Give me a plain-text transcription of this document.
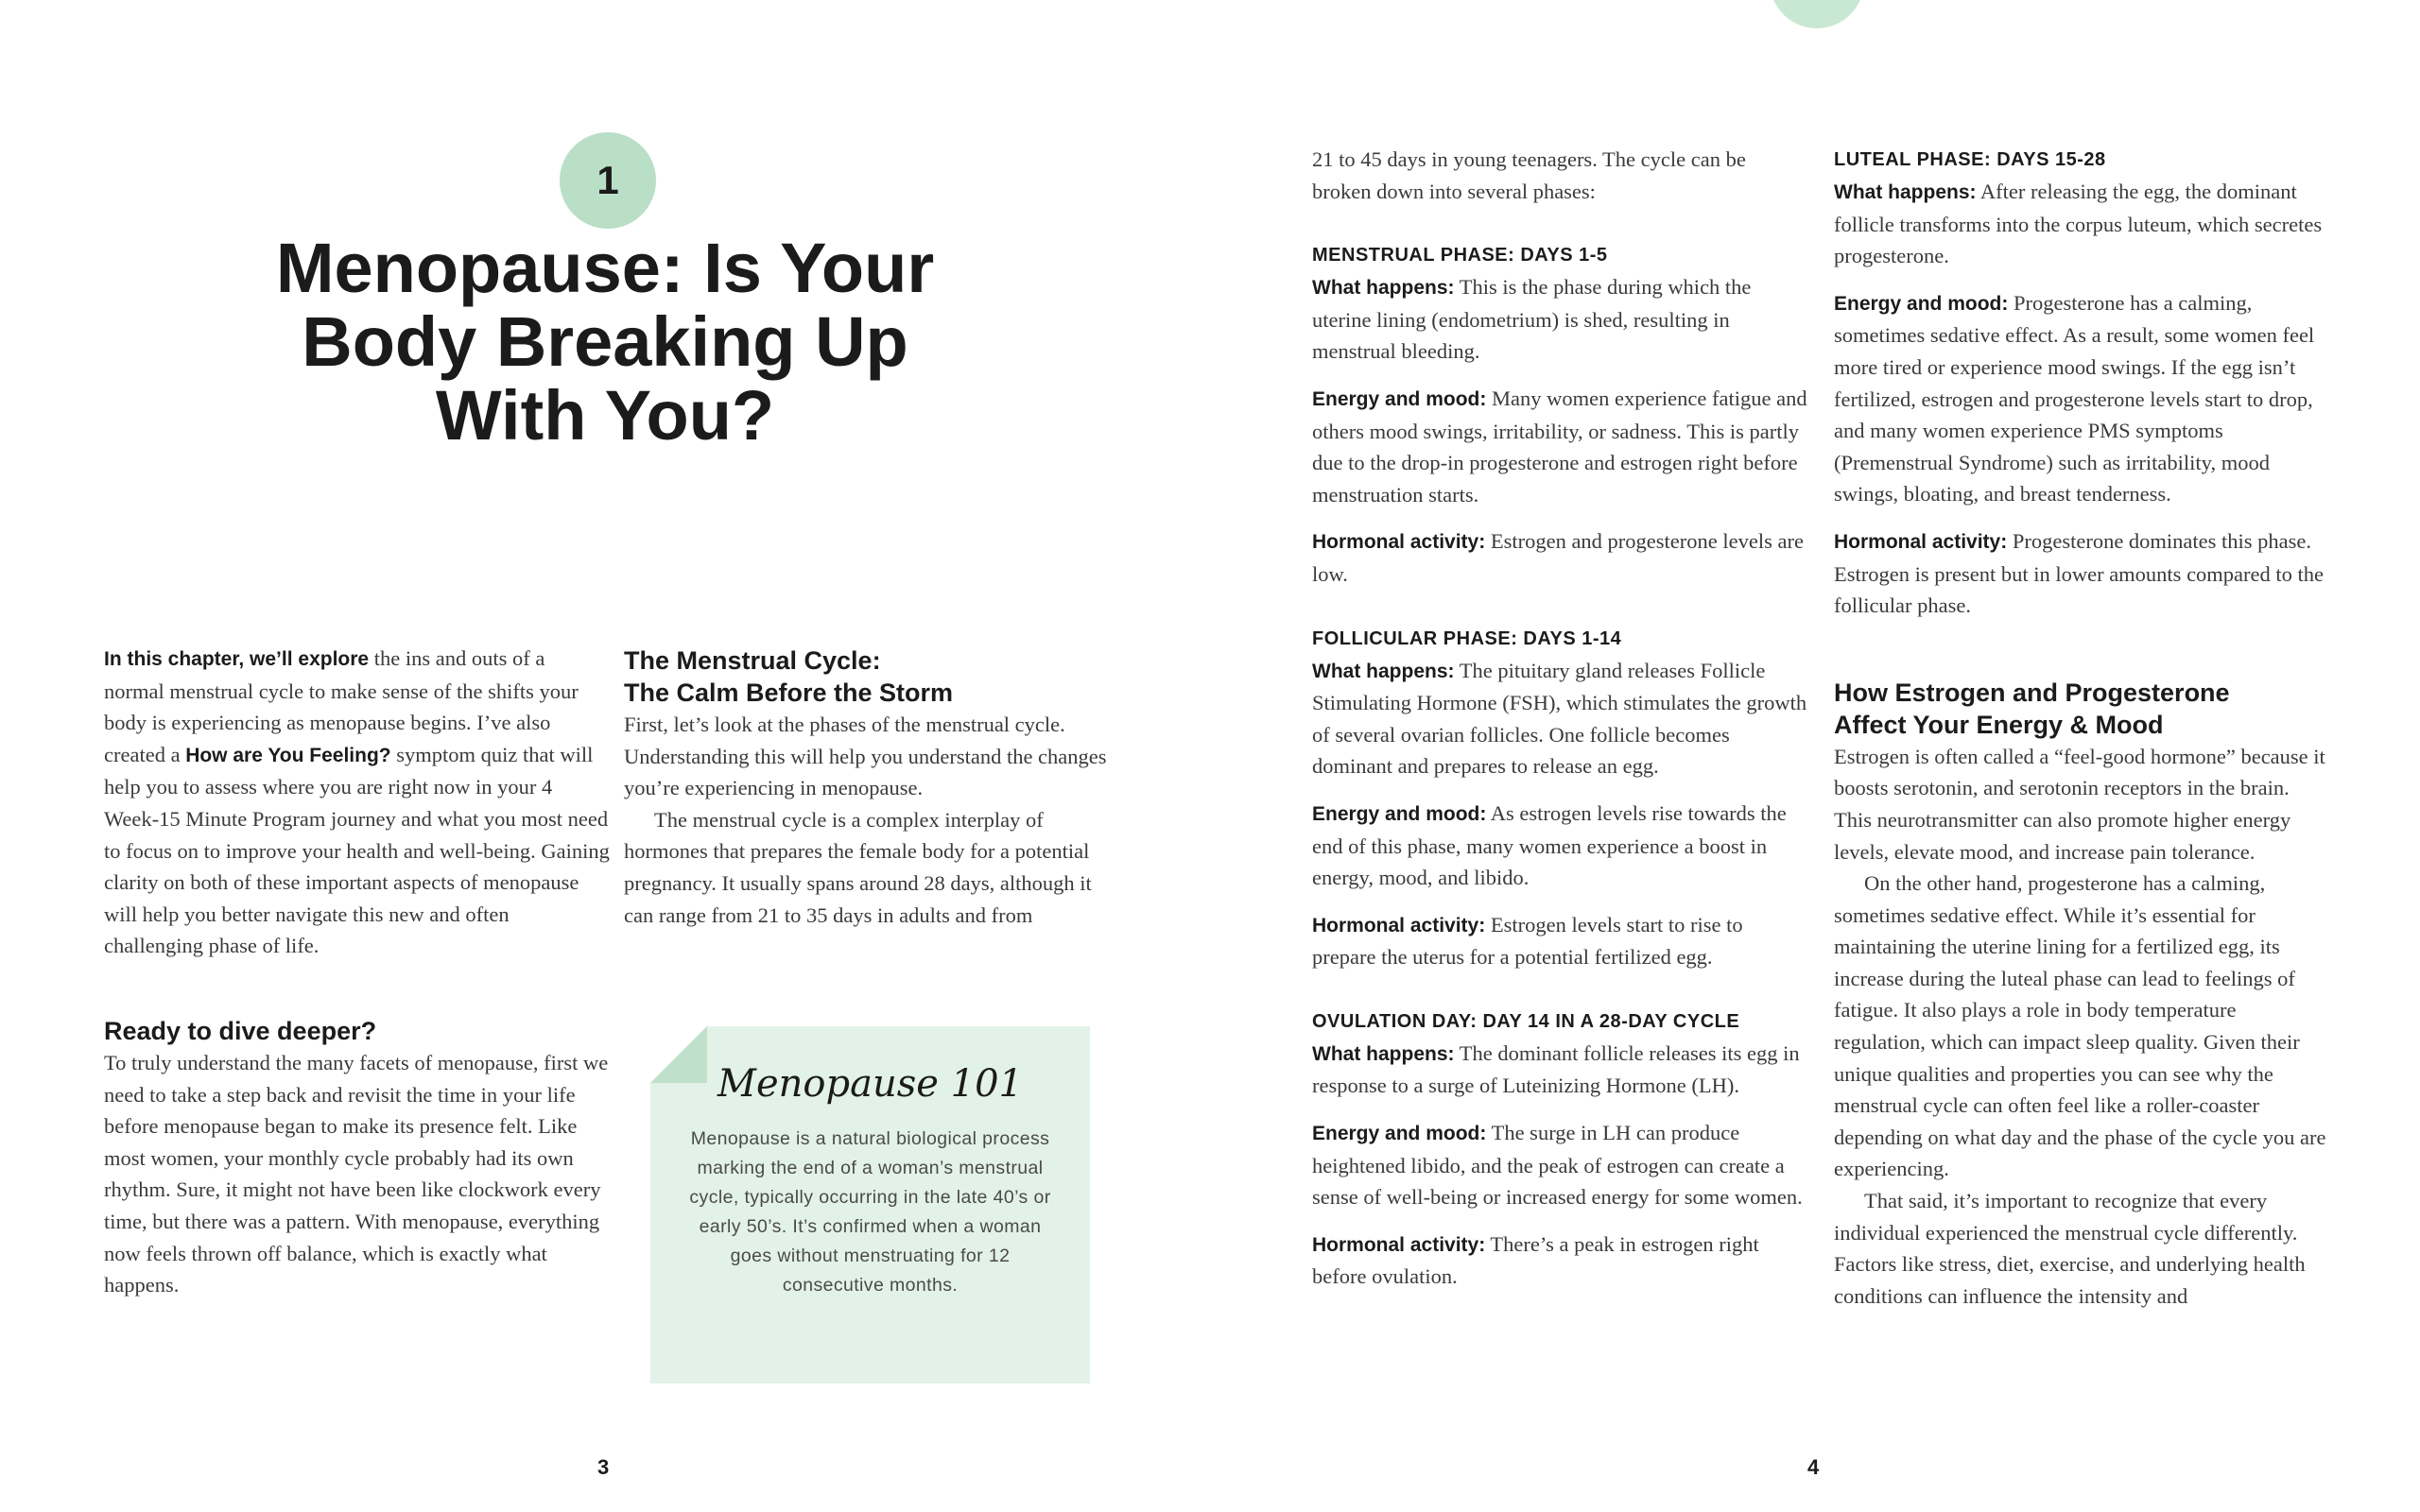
1
Menopause: Is Your
Body Breaking Up
With You?

In this chapter, we’ll explore the ins and outs of a normal menstrual cycle to make sense of the shifts your body is experiencing as menopause begins. I’ve also created a How are You Feeling? symptom quiz that will help you to assess where you are right now in your 4 Week-15 Minute Program journey and what you most need to focus on to improve your health and well-being. Gaining clarity on both of these important aspects of menopause will help you better navigate this new and often challenging phase of life.

Ready to dive deeper?

To truly understand the many facets of menopause, first we need to take a step back and revisit the time in your life before menopause began to make its presence felt. Like most women, your monthly cycle probably had its own rhythm. Sure, it might not have been like clockwork every time, but there was a pattern. With menopause, everything now feels thrown off balance, which is exactly what happens.

The Menstrual Cycle:
The Calm Before the Storm

First, let’s look at the phases of the menstrual cycle. Understanding this will help you understand the changes you’re experiencing in menopause.

The menstrual cycle is a complex interplay of hormones that prepares the female body for a potential pregnancy. It usually spans around 28 days, although it can range from 21 to 35 days in adults and from

Menopause 101
Menopause is a natural biological process marking the end of a woman’s menstrual cycle, typically occurring in the late 40’s or early 50’s. It’s confirmed when a woman goes without menstruating for 12 consecutive months.
3

21 to 45 days in young teenagers. The cycle can be broken down into several phases:

MENSTRUAL PHASE: DAYS 1-5

What happens: This is the phase during which the uterine lining (endometrium) is shed, resulting in menstrual bleeding.

Energy and mood: Many women experience fatigue and others mood swings, irritability, or sadness. This is partly due to the drop-in progesterone and estrogen right before menstruation starts.

Hormonal activity: Estrogen and progesterone levels are low.

FOLLICULAR PHASE: DAYS 1-14

What happens: The pituitary gland releases Follicle Stimulating Hormone (FSH), which stimulates the growth of several ovarian follicles. One follicle becomes dominant and prepares to release an egg.

Energy and mood: As estrogen levels rise towards the end of this phase, many women experience a boost in energy, mood, and libido.

Hormonal activity: Estrogen levels start to rise to prepare the uterus for a potential fertilized egg.

OVULATION DAY: DAY 14 IN A 28-DAY CYCLE

What happens: The dominant follicle releases its egg in response to a surge of Luteinizing Hormone (LH).

Energy and mood: The surge in LH can produce heightened libido, and the peak of estrogen can create a sense of well-being or increased energy for some women.

Hormonal activity: There’s a peak in estrogen right before ovulation.

LUTEAL PHASE: DAYS 15-28

What happens: After releasing the egg, the dominant follicle transforms into the corpus luteum, which secretes progesterone.

Energy and mood: Progesterone has a calming, sometimes sedative effect. As a result, some women feel more tired or experience mood swings. If the egg isn’t fertilized, estrogen and progesterone levels start to drop, and many women experience PMS symptoms (Premenstrual Syndrome) such as irritability, mood swings, bloating, and breast tenderness.

Hormonal activity: Progesterone dominates this phase. Estrogen is present but in lower amounts compared to the follicular phase.

How Estrogen and Progesterone
Affect Your Energy & Mood

Estrogen is often called a “feel-good hormone” because it boosts serotonin, and serotonin receptors in the brain. This neurotransmitter can also promote higher energy levels, elevate mood, and increase pain tolerance.

On the other hand, progesterone has a calming, sometimes sedative effect. While it’s essential for maintaining the uterine lining for a fertilized egg, its increase during the luteal phase can lead to feelings of fatigue. It also plays a role in body temperature regulation, which can impact sleep quality. Given their unique qualities and properties you can see why the menstrual cycle can often feel like a roller-coaster depending on what day and the phase of the cycle you are experiencing.

That said, it’s important to recognize that every individual experienced the menstrual cycle differently. Factors like stress, diet, exercise, and underlying health conditions can influence the intensity and

4
